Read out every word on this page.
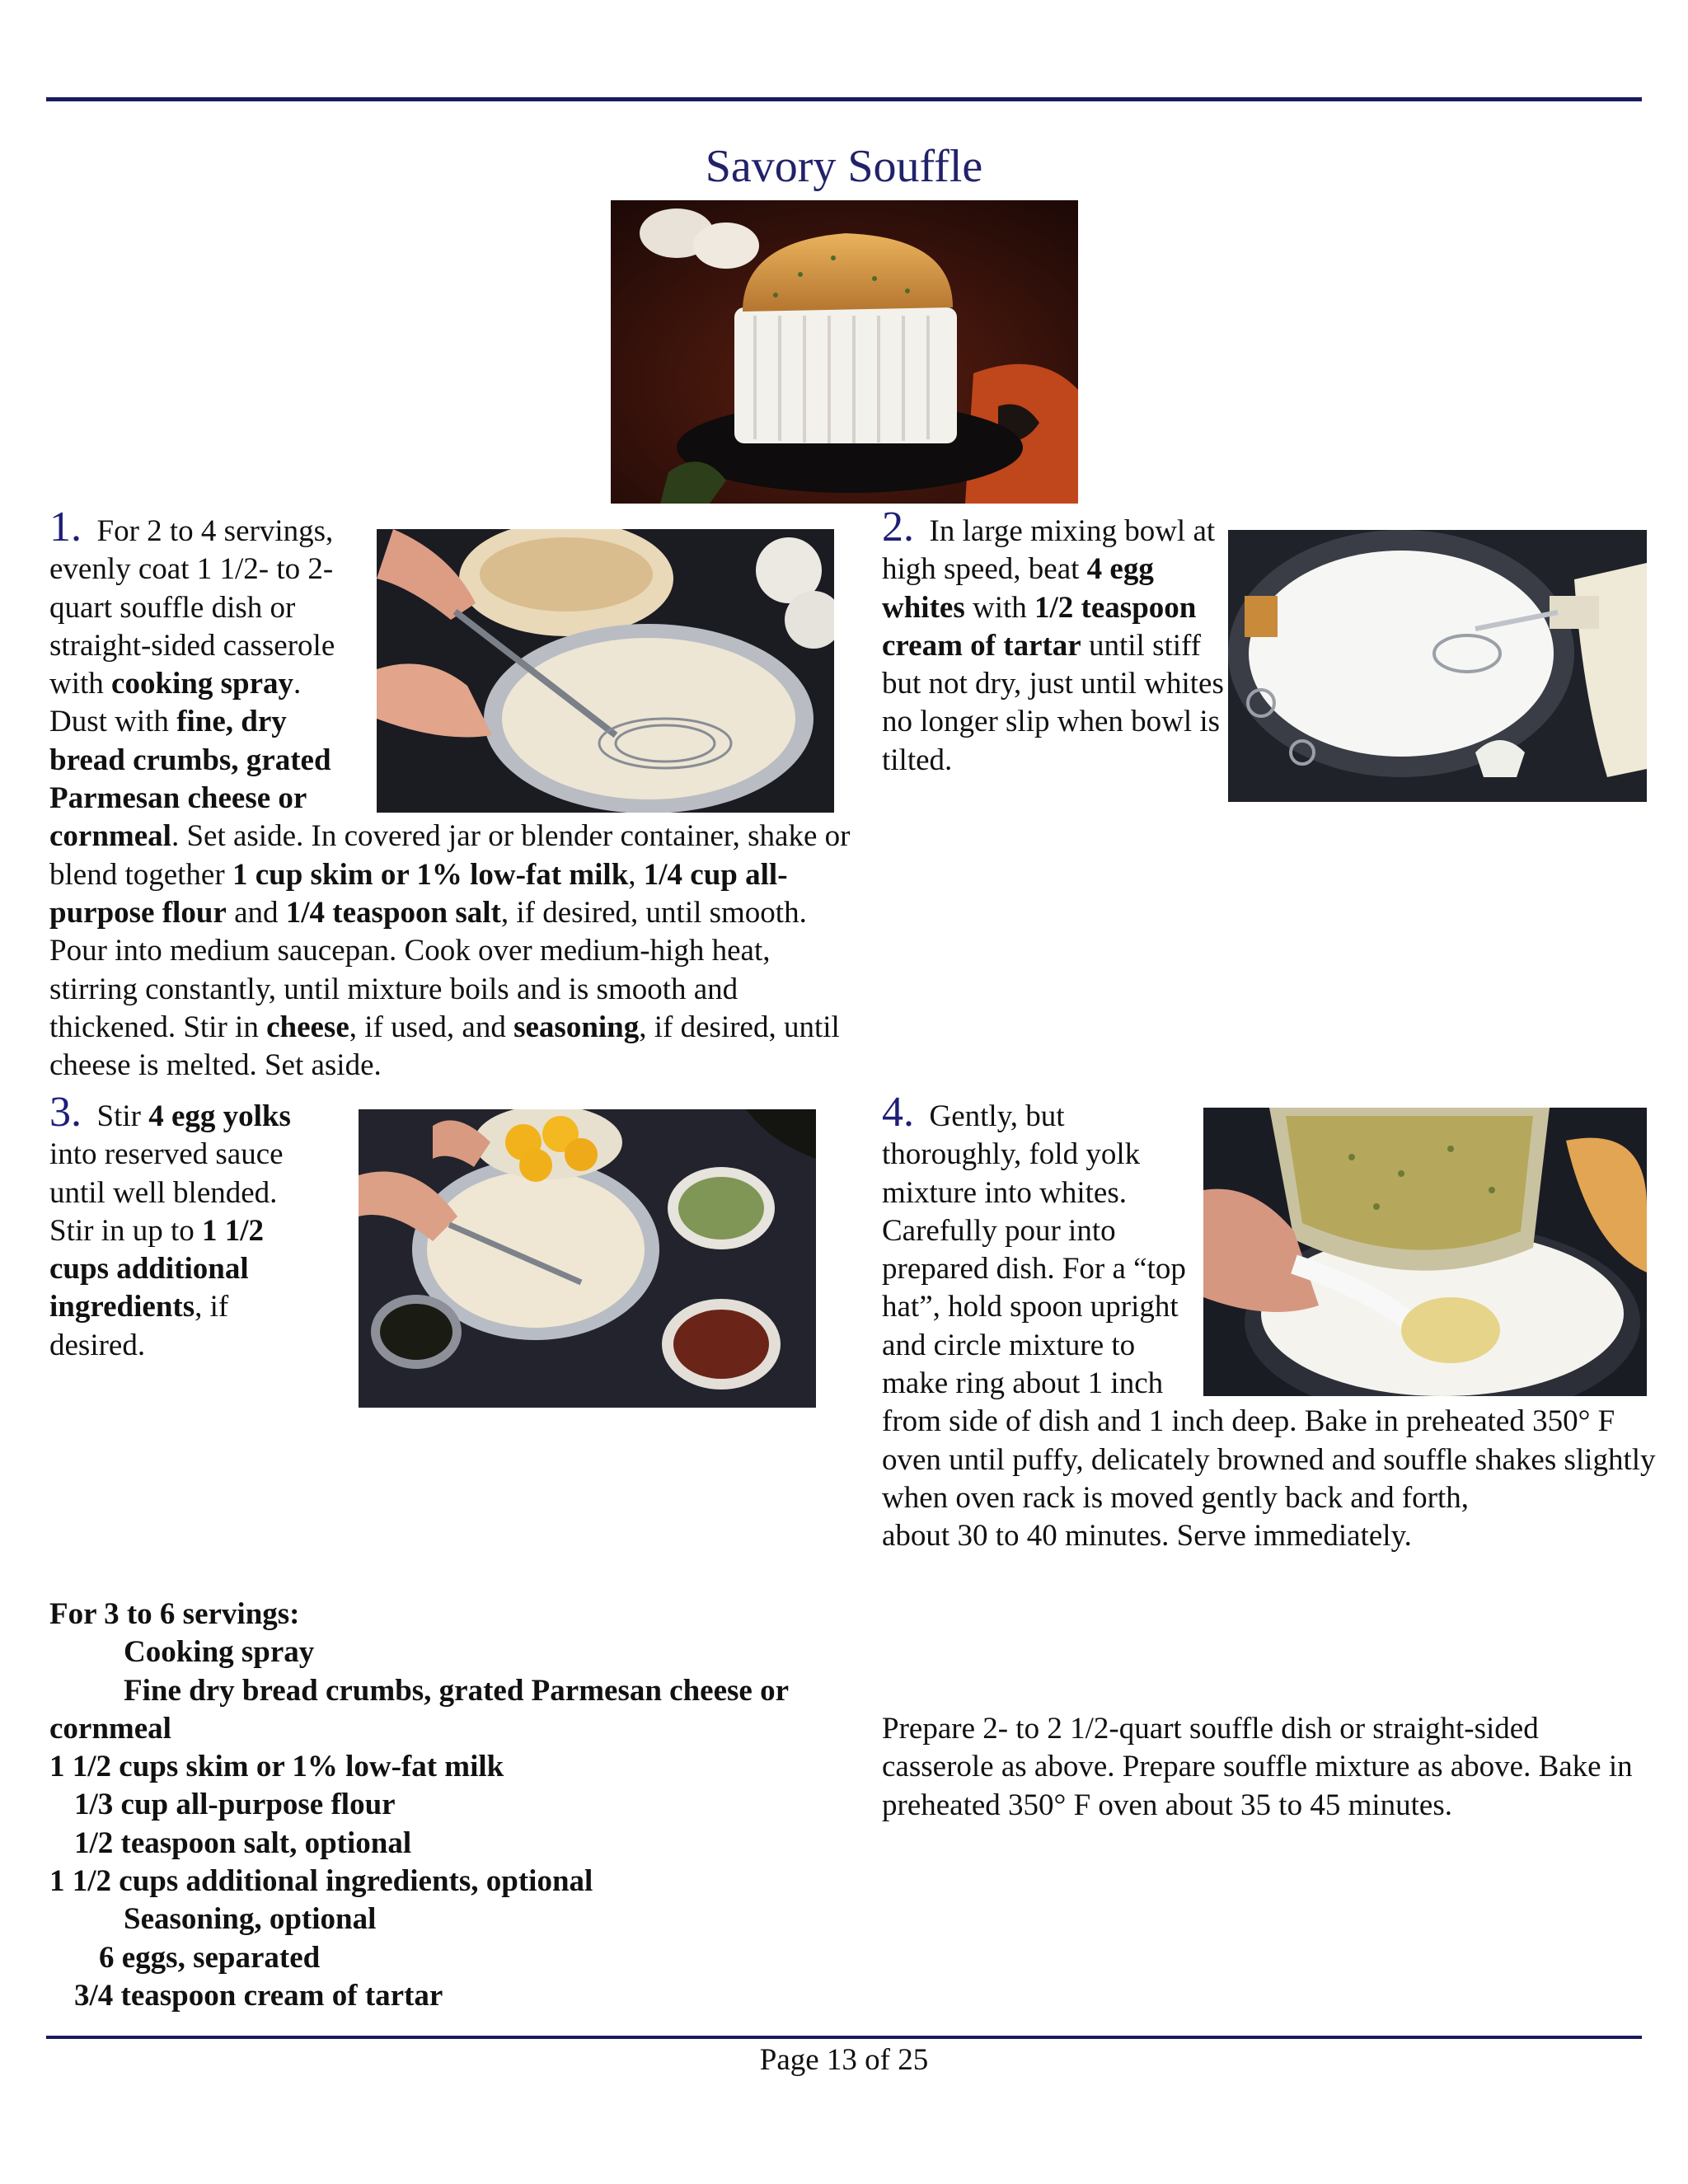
Savory Souffle
1. For 2 to 4 servings, evenly coat 1 1/2- to 2-quart souffle dish or straight-sided casserole with cooking spray. Dust with fine, dry bread crumbs, grated Parmesan cheese or cornmeal. Set aside. In covered jar or blender container, shake or blend together 1 cup skim or 1% low-fat milk, 1/4 cup all-purpose flour and 1/4 teaspoon salt, if desired, until smooth. Pour into medium saucepan. Cook over medium-high heat, stirring constantly, until mixture boils and is smooth and thickened. Stir in cheese, if used, and seasoning, if desired, until cheese is melted. Set aside.
2. In large mixing bowl at high speed, beat 4 egg whites with 1/2 teaspoon cream of tartar until stiff but not dry, just until whites no longer slip when bowl is tilted.
3. Stir 4 egg yolks into reserved sauce until well blended. Stir in up to 1 1/2 cups additional ingredients, if desired.
4. Gently, but thoroughly, fold yolk mixture into whites. Carefully pour into prepared dish. For a “top hat”, hold spoon upright and circle mixture to make ring about 1 inch from side of dish and 1 inch deep. Bake in preheated 350° F oven until puffy, delicately browned and souffle shakes slightly when oven rack is moved gently back and forth,
about 30 to 40 minutes. Serve immediately.
For 3 to 6 servings:
Cooking spray
Fine dry bread crumbs, grated Parmesan cheese or
cornmeal
1 1/2 cups skim or 1% low-fat milk
1/3 cup all-purpose flour
1/2 teaspoon salt, optional
1 1/2 cups additional ingredients, optional
Seasoning, optional
6 eggs, separated
3/4 teaspoon cream of tartar
Prepare 2- to 2 1/2-quart souffle dish or straight-sided casserole as above. Prepare souffle mixture as above. Bake in preheated 350° F oven about 35 to 45 minutes.
Page 13 of 25
